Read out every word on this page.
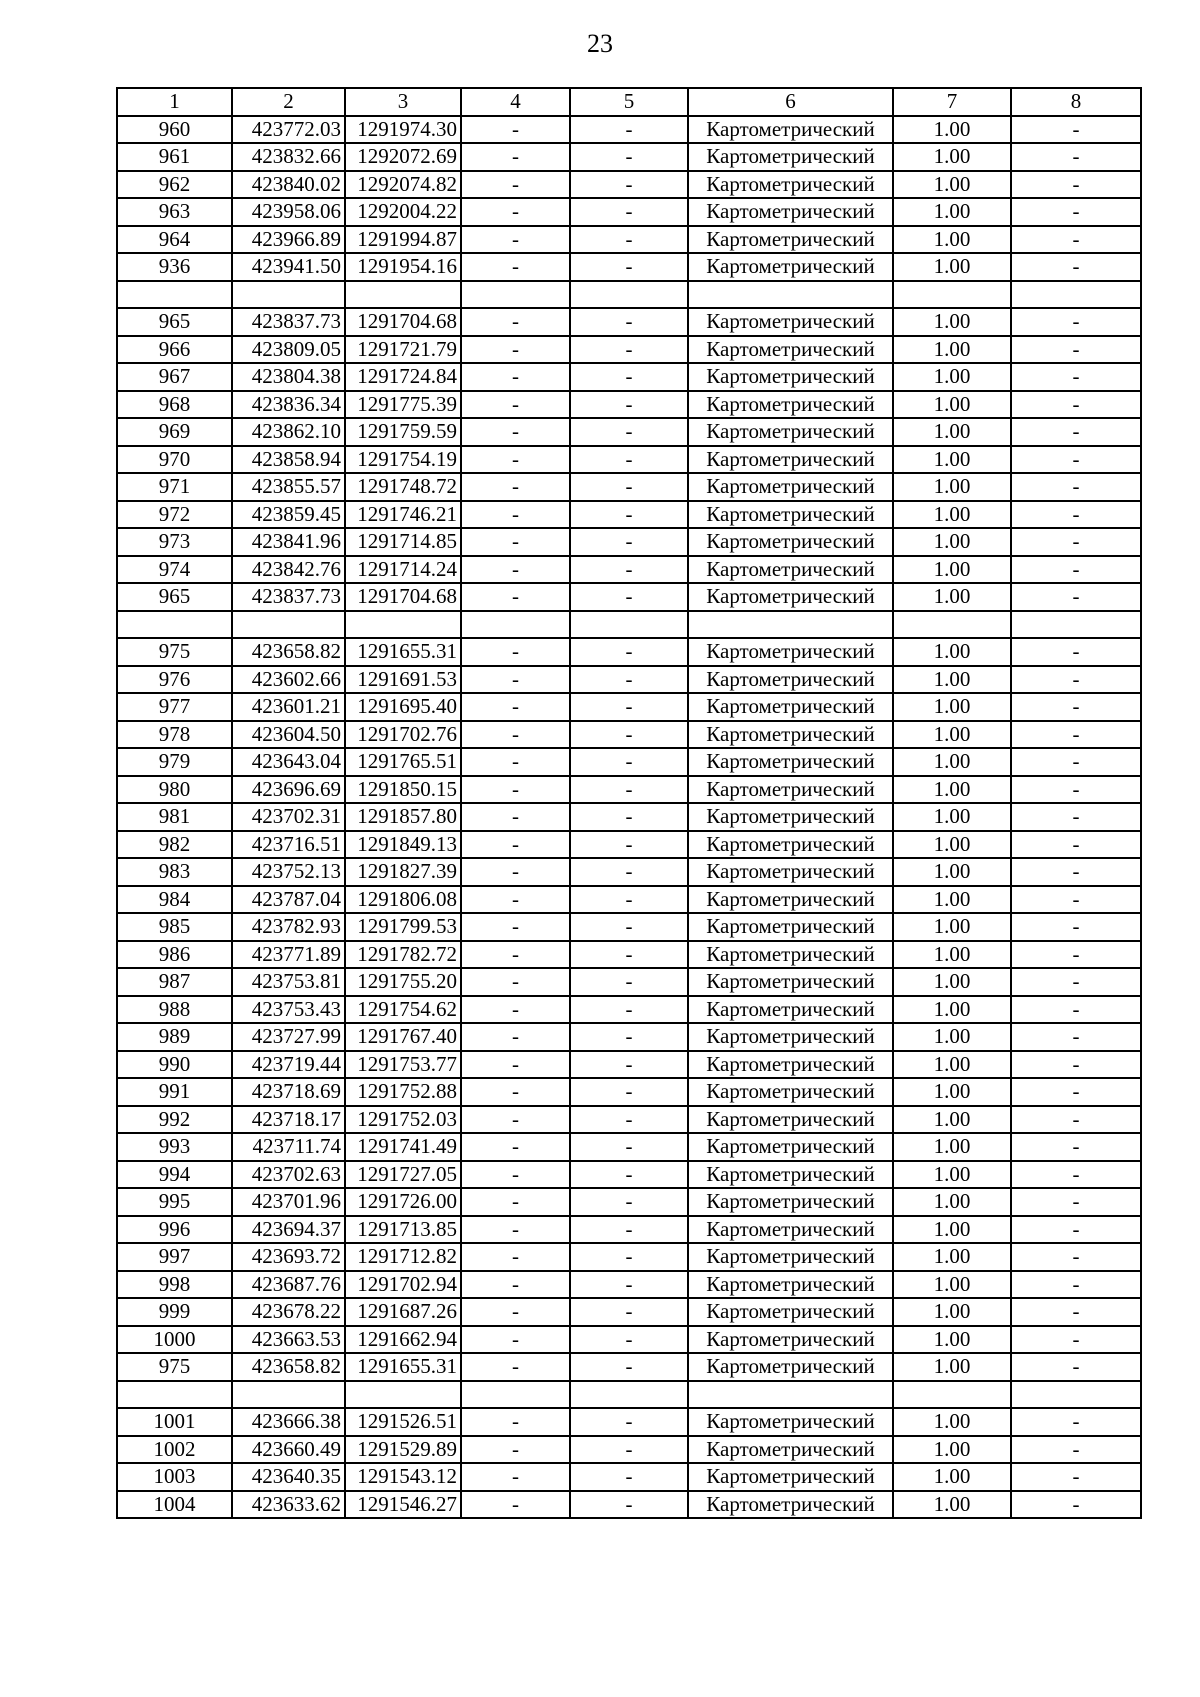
23
1	2	3	4	5	6	7	8
960	423772.03	1291974.30	-	-	Картометрический	1.00	-
961	423832.66	1292072.69	-	-	Картометрический	1.00	-
962	423840.02	1292074.82	-	-	Картометрический	1.00	-
963	423958.06	1292004.22	-	-	Картометрический	1.00	-
964	423966.89	1291994.87	-	-	Картометрический	1.00	-
936	423941.50	1291954.16	-	-	Картометрический	1.00	-

965	423837.73	1291704.68	-	-	Картометрический	1.00	-
966	423809.05	1291721.79	-	-	Картометрический	1.00	-
967	423804.38	1291724.84	-	-	Картометрический	1.00	-
968	423836.34	1291775.39	-	-	Картометрический	1.00	-
969	423862.10	1291759.59	-	-	Картометрический	1.00	-
970	423858.94	1291754.19	-	-	Картометрический	1.00	-
971	423855.57	1291748.72	-	-	Картометрический	1.00	-
972	423859.45	1291746.21	-	-	Картометрический	1.00	-
973	423841.96	1291714.85	-	-	Картометрический	1.00	-
974	423842.76	1291714.24	-	-	Картометрический	1.00	-
965	423837.73	1291704.68	-	-	Картометрический	1.00	-

975	423658.82	1291655.31	-	-	Картометрический	1.00	-
976	423602.66	1291691.53	-	-	Картометрический	1.00	-
977	423601.21	1291695.40	-	-	Картометрический	1.00	-
978	423604.50	1291702.76	-	-	Картометрический	1.00	-
979	423643.04	1291765.51	-	-	Картометрический	1.00	-
980	423696.69	1291850.15	-	-	Картометрический	1.00	-
981	423702.31	1291857.80	-	-	Картометрический	1.00	-
982	423716.51	1291849.13	-	-	Картометрический	1.00	-
983	423752.13	1291827.39	-	-	Картометрический	1.00	-
984	423787.04	1291806.08	-	-	Картометрический	1.00	-
985	423782.93	1291799.53	-	-	Картометрический	1.00	-
986	423771.89	1291782.72	-	-	Картометрический	1.00	-
987	423753.81	1291755.20	-	-	Картометрический	1.00	-
988	423753.43	1291754.62	-	-	Картометрический	1.00	-
989	423727.99	1291767.40	-	-	Картометрический	1.00	-
990	423719.44	1291753.77	-	-	Картометрический	1.00	-
991	423718.69	1291752.88	-	-	Картометрический	1.00	-
992	423718.17	1291752.03	-	-	Картометрический	1.00	-
993	423711.74	1291741.49	-	-	Картометрический	1.00	-
994	423702.63	1291727.05	-	-	Картометрический	1.00	-
995	423701.96	1291726.00	-	-	Картометрический	1.00	-
996	423694.37	1291713.85	-	-	Картометрический	1.00	-
997	423693.72	1291712.82	-	-	Картометрический	1.00	-
998	423687.76	1291702.94	-	-	Картометрический	1.00	-
999	423678.22	1291687.26	-	-	Картометрический	1.00	-
1000	423663.53	1291662.94	-	-	Картометрический	1.00	-
975	423658.82	1291655.31	-	-	Картометрический	1.00	-

1001	423666.38	1291526.51	-	-	Картометрический	1.00	-
1002	423660.49	1291529.89	-	-	Картометрический	1.00	-
1003	423640.35	1291543.12	-	-	Картометрический	1.00	-
1004	423633.62	1291546.27	-	-	Картометрический	1.00	-
